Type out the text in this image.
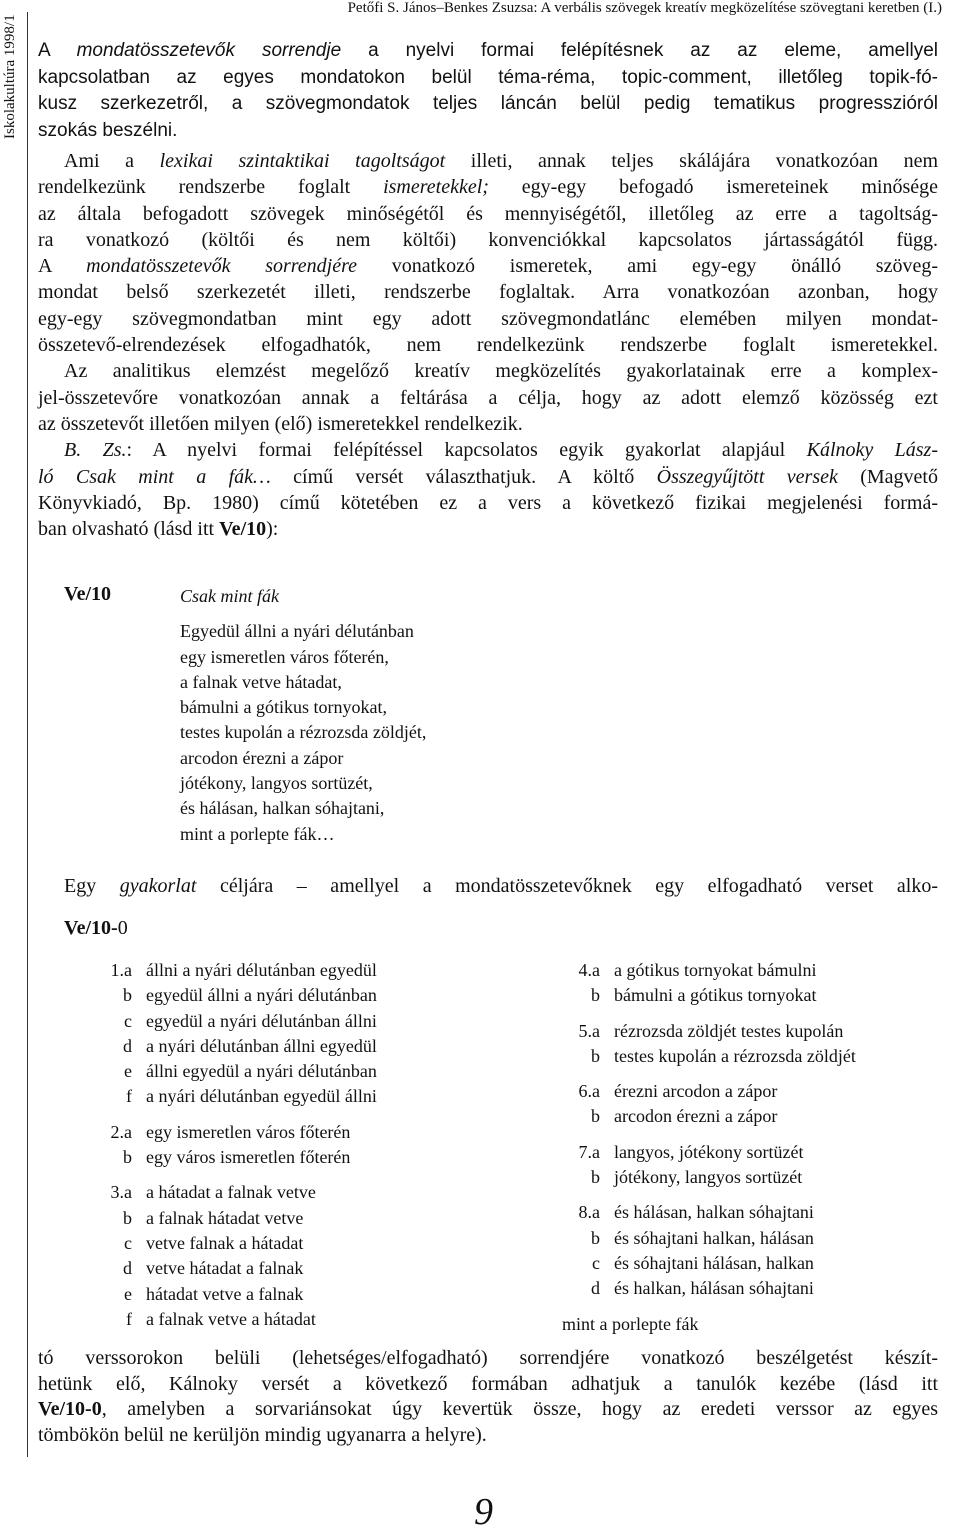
Iskolakultúra 1998/1
Petőfi S. János–Benkes Zsuzsa: A verbális szövegek kreatív megközelítése szövegtani keretben (I.)
A mondatösszetevők sorrendje a nyelvi formai felépítésnek az az eleme, amellyel
kapcsolatban az egyes mondatokon belül téma-réma, topic-comment, illetőleg topik-fó-
kusz szerkezetről, a szövegmondatok teljes láncán belül pedig tematikus progresszióról
szokás beszélni.
Ami a lexikai szintaktikai tagoltságot illeti, annak teljes skálájára vonatkozóan nem
rendelkezünk rendszerbe foglalt ismeretekkel; egy-egy befogadó ismereteinek minősége
az általa befogadott szövegek minőségétől és mennyiségétől, illetőleg az erre a tagoltság-
ra vonatkozó (költői és nem költői) konvenciókkal kapcsolatos jártasságától függ.
A mondatösszetevők sorrendjére vonatkozó ismeretek, ami egy-egy önálló szöveg-
mondat belső szerkezetét illeti, rendszerbe foglaltak. Arra vonatkozóan azonban, hogy
egy-egy szövegmondatban mint egy adott szövegmondatlánc elemében milyen mondat-
összetevő-elrendezések elfogadhatók, nem rendelkezünk rendszerbe foglalt ismeretekkel.
Az analitikus elemzést megelőző kreatív megközelítés gyakorlatainak erre a komplex-
jel-összetevőre vonatkozóan annak a feltárása a célja, hogy az adott elemző közösség ezt
az összetevőt illetően milyen (elő) ismeretekkel rendelkezik.
B. Zs.: A nyelvi formai felépítéssel kapcsolatos egyik gyakorlat alapjául Kálnoky Lász-
ló Csak mint a fák… című versét választhatjuk. A költő Összegyűjtött versek (Magvető
Könyvkiadó, Bp. 1980) című kötetében ez a vers a következő fizikai megjelenési formá-
ban olvasható (lásd itt Ve/10):
Ve/10	Csak mint fák
Egyedül állni a nyári délutánban
egy ismeretlen város főterén,
a falnak vetve hátadat,
bámulni a gótikus tornyokat,
testes kupolán a rézrozsda zöldjét,
arcodon érezni a zápor
jótékony, langyos sortüzét,
és hálásan, halkan sóhajtani,
mint a porlepte fák…
Egy gyakorlat céljára – amellyel a mondatösszetevőknek egy elfogadható verset alko-
Ve/10-0
1.a állni a nyári délutánban egyedül
b egyedül állni a nyári délutánban
c egyedül a nyári délutánban állni
d a nyári délutánban állni egyedül
e állni egyedül a nyári délutánban
f a nyári délutánban egyedül állni
2.a egy ismeretlen város főterén
b egy város ismeretlen főterén
3.a a hátadat a falnak vetve
b a falnak hátadat vetve
c vetve falnak a hátadat
d vetve hátadat a falnak
e hátadat vetve a falnak
f a falnak vetve a hátadat
4.a a gótikus tornyokat bámulni
b bámulni a gótikus tornyokat
5.a rézrozsda zöldjét testes kupolán
b testes kupolán a rézrozsda zöldjét
6.a érezni arcodon a zápor
b arcodon érezni a zápor
7.a langyos, jótékony sortüzét
b jótékony, langyos sortüzét
8.a és hálásan, halkan sóhajtani
b és sóhajtani halkan, hálásan
c és sóhajtani hálásan, halkan
d és halkan, hálásan sóhajtani
mint a porlepte fák
tó verssorokon belüli (lehetséges/elfogadható) sorrendjére vonatkozó beszélgetést készít-
hetünk elő, Kálnoky versét a következő formában adhatjuk a tanulók kezébe (lásd itt
Ve/10-0, amelyben a sorvariánsokat úgy kevertük össze, hogy az eredeti verssor az egyes
tömbökön belül ne kerüljön mindig ugyanarra a helyre).
9
